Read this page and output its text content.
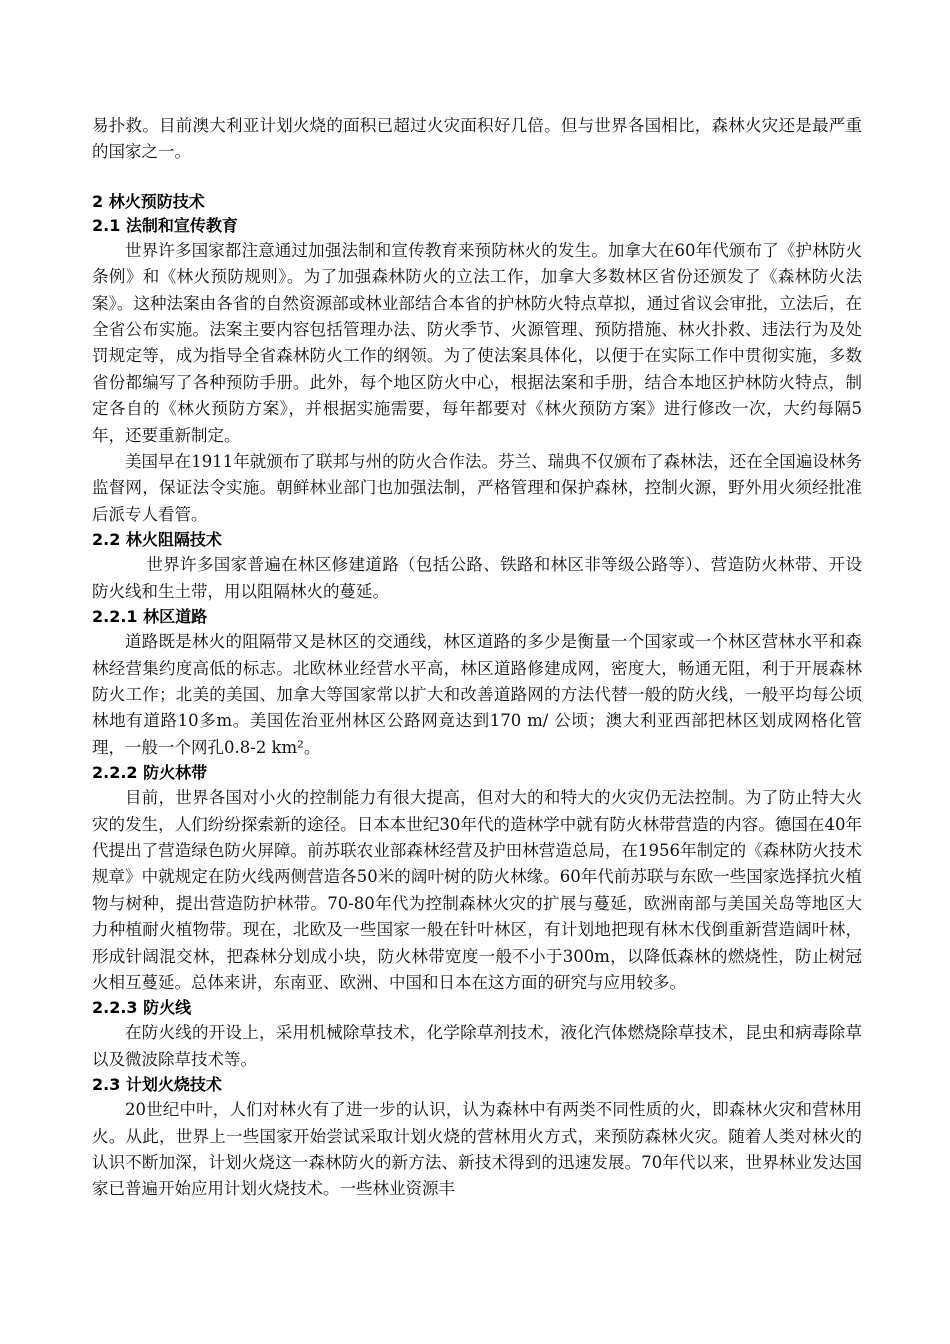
易扑救。目前澳大利亚计划火烧的面积已超过火灾面积好几倍。但与世界各国相比，森林火灾还是最严重的国家之一。

2 林火预防技术
2.1 法制和宣传教育

世界许多国家都注意通过加强法制和宣传教育来预防林火的发生。加拿大在60年代颁布了《护林防火条例》和《林火预防规则》。为了加强森林防火的立法工作，加拿大多数林区省份还颁发了《森林防火法案》。这种法案由各省的自然资源部或林业部结合本省的护林防火特点草拟，通过省议会审批，立法后，在全省公布实施。法案主要内容包括管理办法、防火季节、火源管理、预防措施、林火扑救、违法行为及处罚规定等，成为指导全省森林防火工作的纲领。为了使法案具体化，以便于在实际工作中贯彻实施，多数省份都编写了各种预防手册。此外，每个地区防火中心，根据法案和手册，结合本地区护林防火特点，制定各自的《林火预防方案》，并根据实施需要，每年都要对《林火预防方案》进行修改一次，大约每隔5年，还要重新制定。

美国早在1911年就颁布了联邦与州的防火合作法。芬兰、瑞典不仅颁布了森林法，还在全国遍设林务监督网，保证法令实施。朝鲜林业部门也加强法制，严格管理和保护森林，控制火源，野外用火须经批准后派专人看管。

2.2 林火阻隔技术

世界许多国家普遍在林区修建道路（包括公路、铁路和林区非等级公路等）、营造防火林带、开设防火线和生土带，用以阻隔林火的蔓延。

2.2.1 林区道路

道路既是林火的阻隔带又是林区的交通线，林区道路的多少是衡量一个国家或一个林区营林水平和森林经营集约度高低的标志。北欧林业经营水平高，林区道路修建成网，密度大，畅通无阻，利于开展森林防火工作；北美的美国、加拿大等国家常以扩大和改善道路网的方法代替一般的防火线，一般平均每公顷林地有道路10多m。美国佐治亚州林区公路网竟达到170 m/ 公顷；澳大利亚西部把林区划成网格化管理，一般一个网孔0.8-2 km²。

2.2.2 防火林带

目前，世界各国对小火的控制能力有很大提高，但对大的和特大的火灾仍无法控制。为了防止特大火灾的发生，人们纷纷探索新的途径。日本本世纪30年代的造林学中就有防火林带营造的内容。德国在40年代提出了营造绿色防火屏障。前苏联农业部森林经营及护田林营造总局，在1956年制定的《森林防火技术规章》中就规定在防火线两侧营造各50米的阔叶树的防火林缘。60年代前苏联与东欧一些国家选择抗火植物与树种，提出营造防护林带。70-80年代为控制森林火灾的扩展与蔓延，欧洲南部与美国关岛等地区大力种植耐火植物带。现在，北欧及一些国家一般在针叶林区，有计划地把现有林木伐倒重新营造阔叶林，形成针阔混交林，把森林分划成小块，防火林带宽度一般不小于300m，以降低森林的燃烧性，防止树冠火相互蔓延。总体来讲，东南亚、欧洲、中国和日本在这方面的研究与应用较多。

2.2.3 防火线

在防火线的开设上，采用机械除草技术，化学除草剂技术，液化汽体燃烧除草技术，昆虫和病毒除草以及微波除草技术等。

2.3 计划火烧技术

20世纪中叶，人们对林火有了进一步的认识，认为森林中有两类不同性质的火，即森林火灾和营林用火。从此，世界上一些国家开始尝试采取计划火烧的营林用火方式，来预防森林火灾。随着人类对林火的认识不断加深，计划火烧这一森林防火的新方法、新技术得到的迅速发展。70年代以来，世界林业发达国家已普遍开始应用计划火烧技术。一些林业资源丰
